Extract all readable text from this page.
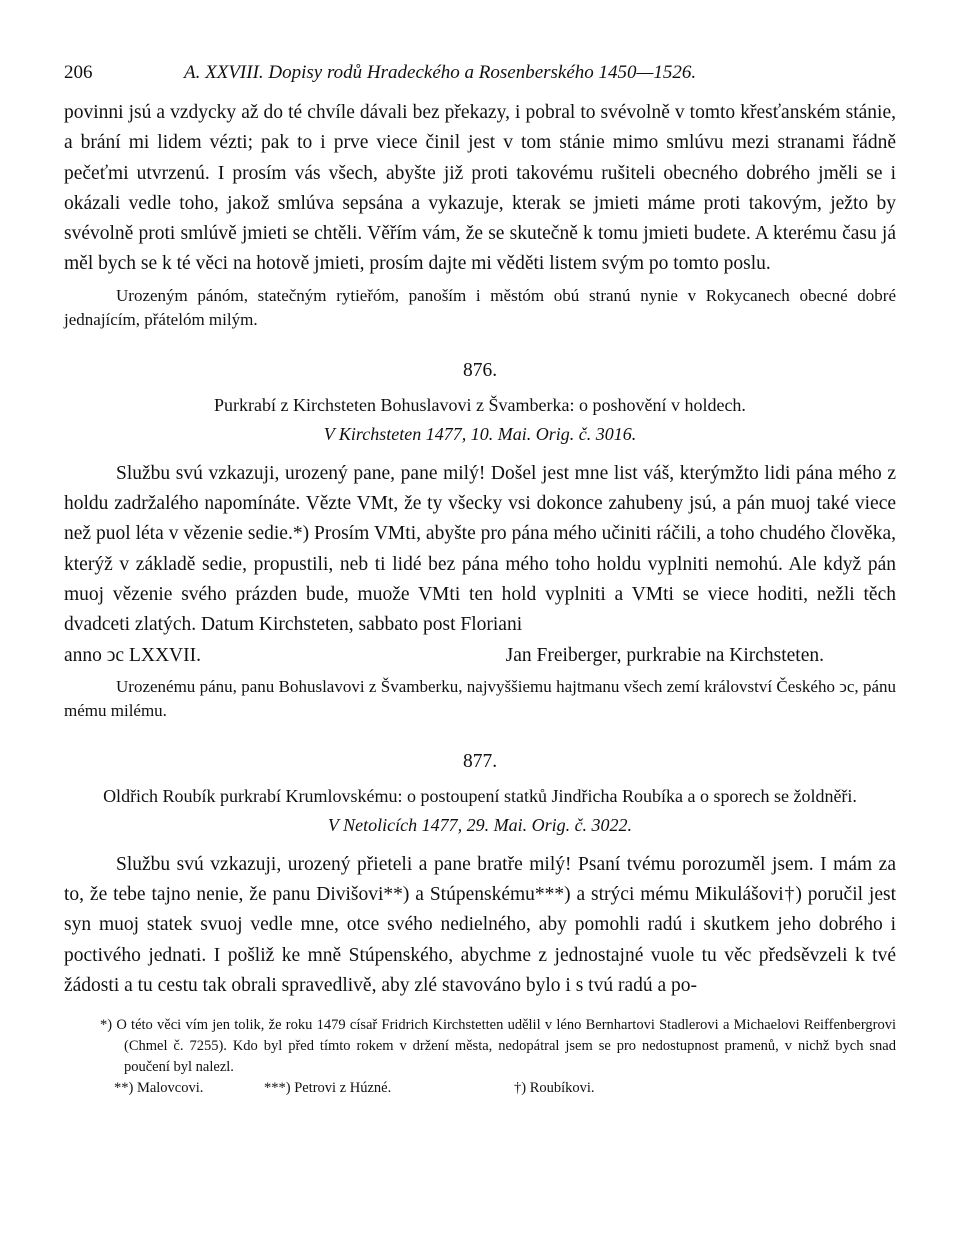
206	A. XXVIII. Dopisy rodů Hradeckého a Rosenberského 1450—1526.

povinni jsú a vzdycky až do té chvíle dávali bez překazy, i pobral to svévolně v tomto křesťanském stánie, a brání mi lidem vézti; pak to i prve viece činil jest v tom stánie mimo smlúvu mezi stranami řádně pečeťmi utvrzenú. I prosím vás všech, abyšte již proti takovému rušiteli obecného dobrého jměli se i okázali vedle toho, jakož smlúva sepsána a vykazuje, kterak se jmieti máme proti takovým, ježto by svévolně proti smlúvě jmieti se chtěli. Věřím vám, že se skutečně k tomu jmieti budete. A kterému času já měl bych se k té věci na hotově jmieti, prosím dajte mi věděti listem svým po tomto poslu.

Urozeným pánóm, statečným rytieřóm, panoším i městóm obú stranú nynie v Rokycanech obecné dobré jednajícím, přátelóm milým.

876.

Purkrabí z Kirchsteten Bohuslavovi z Švamberka: o poshovění v holdech.

V Kirchsteten 1477, 10. Mai. Orig. č. 3016.

Službu svú vzkazuji, urozený pane, pane milý! Došel jest mne list váš, kterýmžto lidi pána mého z holdu zadržalého napomínáte. Vězte VMt, že ty všecky vsi dokonce zahubeny jsú, a pán muoj také viece než puol léta v vězenie sedie.*) Prosím VMti, abyšte pro pána mého učiniti ráčili, a toho chudého člověka, kterýž v základě sedie, propustili, neb ti lidé bez pána mého toho holdu vyplniti nemohú. Ale když pán muoj vězenie svého prázden bude, muože VMti ten hold vyplniti a VMti se viece hoditi, nežli těch dvadceti zlatých. Datum Kirchsteten, sabbato post Floriani

anno ↄc LXXVII.	Jan Freiberger, purkrabie na Kirchsteten.

Urozenému pánu, panu Bohuslavovi z Švamberku, najvyššiemu hajtmanu všech zemí království Českého ↄc, pánu mému milému.

877.

Oldřich Roubík purkrabí Krumlovskému: o postoupení statků Jindřicha Roubíka a o sporech se žoldněři.

V Netolicích 1477, 29. Mai. Orig. č. 3022.

Službu svú vzkazuji, urozený přieteli a pane bratře milý! Psaní tvému porozuměl jsem. I mám za to, že tebe tajno nenie, že panu Divišovi**) a Stúpenskému***) a strýci mému Mikulášovi†) poručil jest syn muoj statek svuoj vedle mne, otce svého nedielného, aby pomohli radú i skutkem jeho dobrého i poctivého jednati. I pošliž ke mně Stúpenského, abychme z jednostajné vuole tu věc předsěvzeli k tvé žádosti a tu cestu tak obrali spravedlivě, aby zlé stavováno bylo i s tvú radú a po-

*) O této věci vím jen tolik, že roku 1479 císař Fridrich Kirchstetten udělil v léno Bernhartovi Stadlerovi a Michaelovi Reiffenbergrovi (Chmel č. 7255). Kdo byl před tímto rokem v držení města, nedopátral jsem se pro nedostupnost pramenů, v nichž bych snad poučení byl nalezl.

**) Malovcovi.	***) Petrovi z Húzné.	†) Roubíkovi.
